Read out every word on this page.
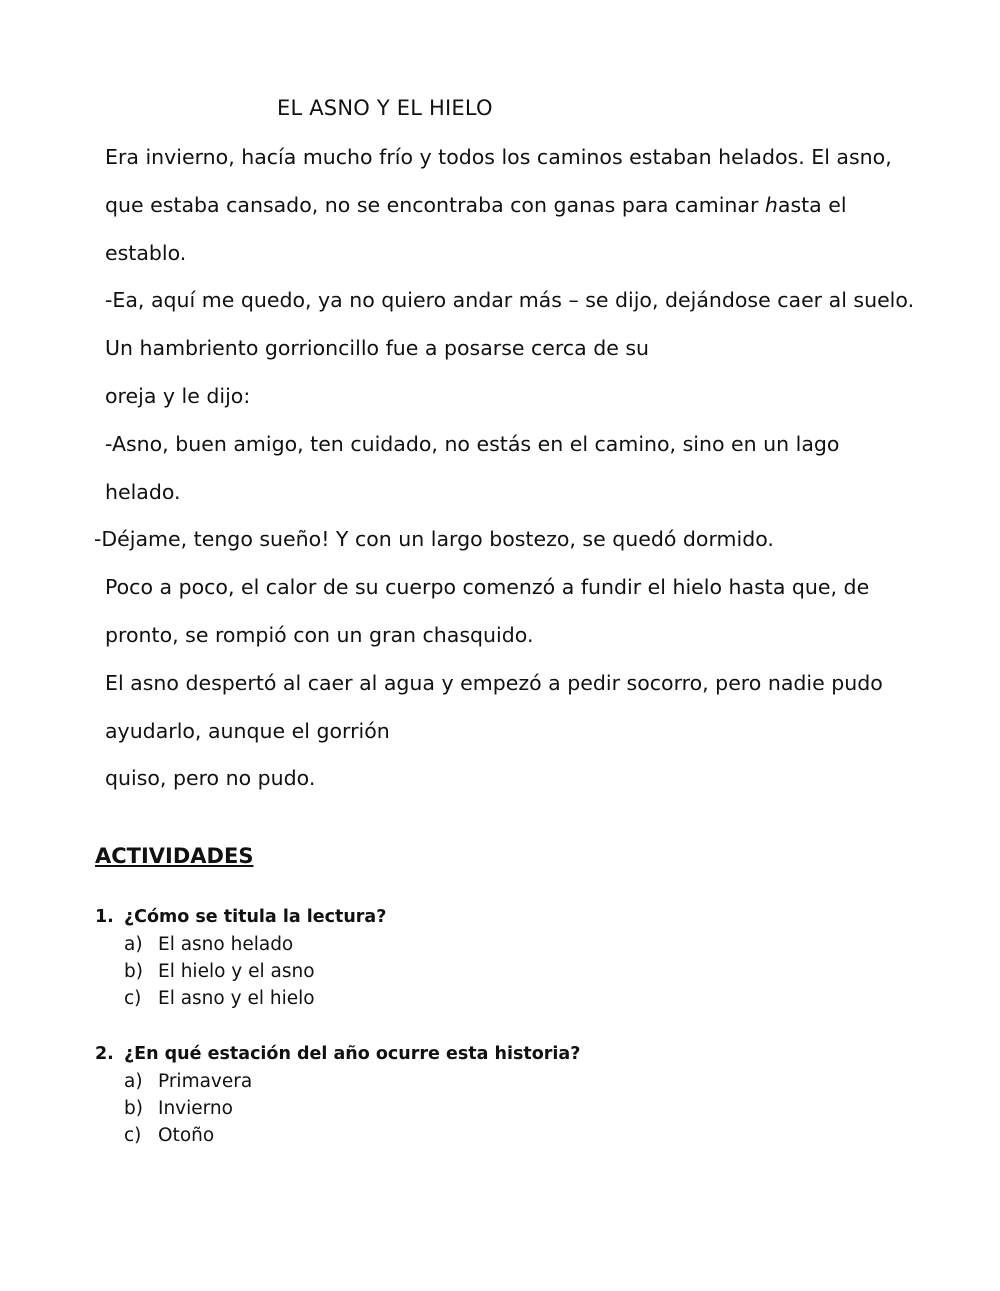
EL ASNO Y EL HIELO
Era invierno, hacía mucho frío y todos los caminos estaban helados. El asno,
que estaba cansado, no se encontraba con ganas para caminar hasta el
establo.
-Ea, aquí me quedo, ya no quiero andar más – se dijo, dejándose caer al suelo.
Un hambriento gorrioncillo fue a posarse cerca de su
oreja y le dijo:
-Asno, buen amigo, ten cuidado, no estás en el camino, sino en un lago
helado.
-Déjame, tengo sueño! Y con un largo bostezo, se quedó dormido.
Poco a poco, el calor de su cuerpo comenzó a fundir el hielo hasta que, de
pronto, se rompió con un gran chasquido.
El asno despertó al caer al agua y empezó a pedir socorro, pero nadie pudo
ayudarlo, aunque el gorrión
quiso, pero no pudo.
ACTIVIDADES
1. ¿Cómo se titula la lectura?
a) El asno helado
b) El hielo y el asno
c) El asno y el hielo
2. ¿En qué estación del año ocurre esta historia?
a) Primavera
b) Invierno
c) Otoño
